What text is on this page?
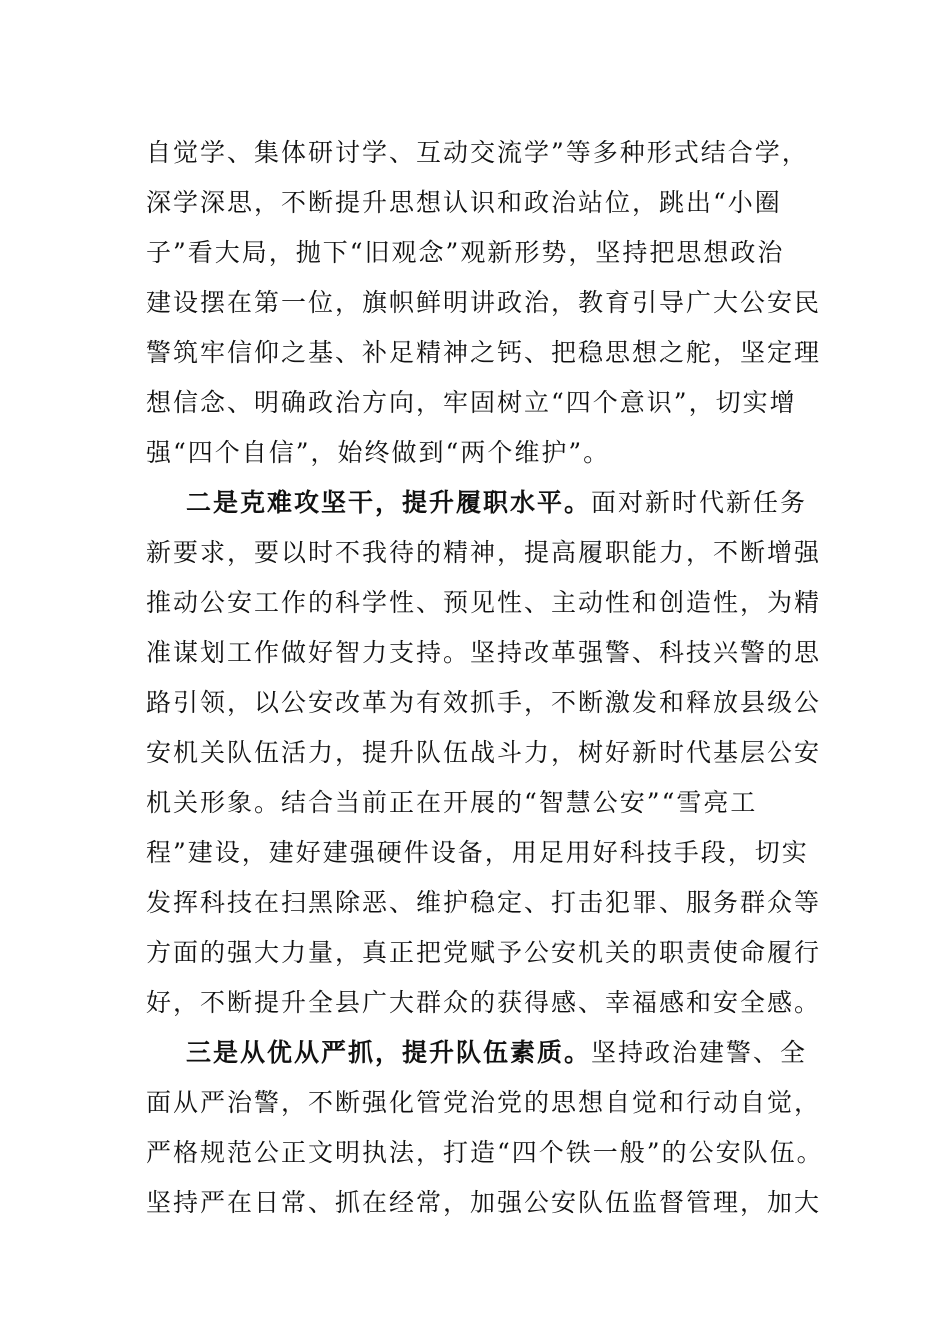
自觉学、集体研讨学、互动交流学”等多种形式结合学，
深学深思，不断提升思想认识和政治站位，跳出“小圈
子”看大局，抛下“旧观念”观新形势，坚持把思想政治
建设摆在第一位，旗帜鲜明讲政治，教育引导广大公安民
警筑牢信仰之基、补足精神之钙、把稳思想之舵，坚定理
想信念、明确政治方向，牢固树立“四个意识”，切实增
强“四个自信”，始终做到“两个维护”。
二是克难攻坚干，提升履职水平。面对新时代新任务
新要求，要以时不我待的精神，提高履职能力，不断增强
推动公安工作的科学性、预见性、主动性和创造性，为精
准谋划工作做好智力支持。坚持改革强警、科技兴警的思
路引领，以公安改革为有效抓手，不断激发和释放县级公
安机关队伍活力，提升队伍战斗力，树好新时代基层公安
机关形象。结合当前正在开展的“智慧公安”“雪亮工
程”建设，建好建强硬件设备，用足用好科技手段，切实
发挥科技在扫黑除恶、维护稳定、打击犯罪、服务群众等
方面的强大力量，真正把党赋予公安机关的职责使命履行
好，不断提升全县广大群众的获得感、幸福感和安全感。
三是从优从严抓，提升队伍素质。坚持政治建警、全
面从严治警，不断强化管党治党的思想自觉和行动自觉，
严格规范公正文明执法，打造“四个铁一般”的公安队伍。
坚持严在日常、抓在经常，加强公安队伍监督管理，加大
